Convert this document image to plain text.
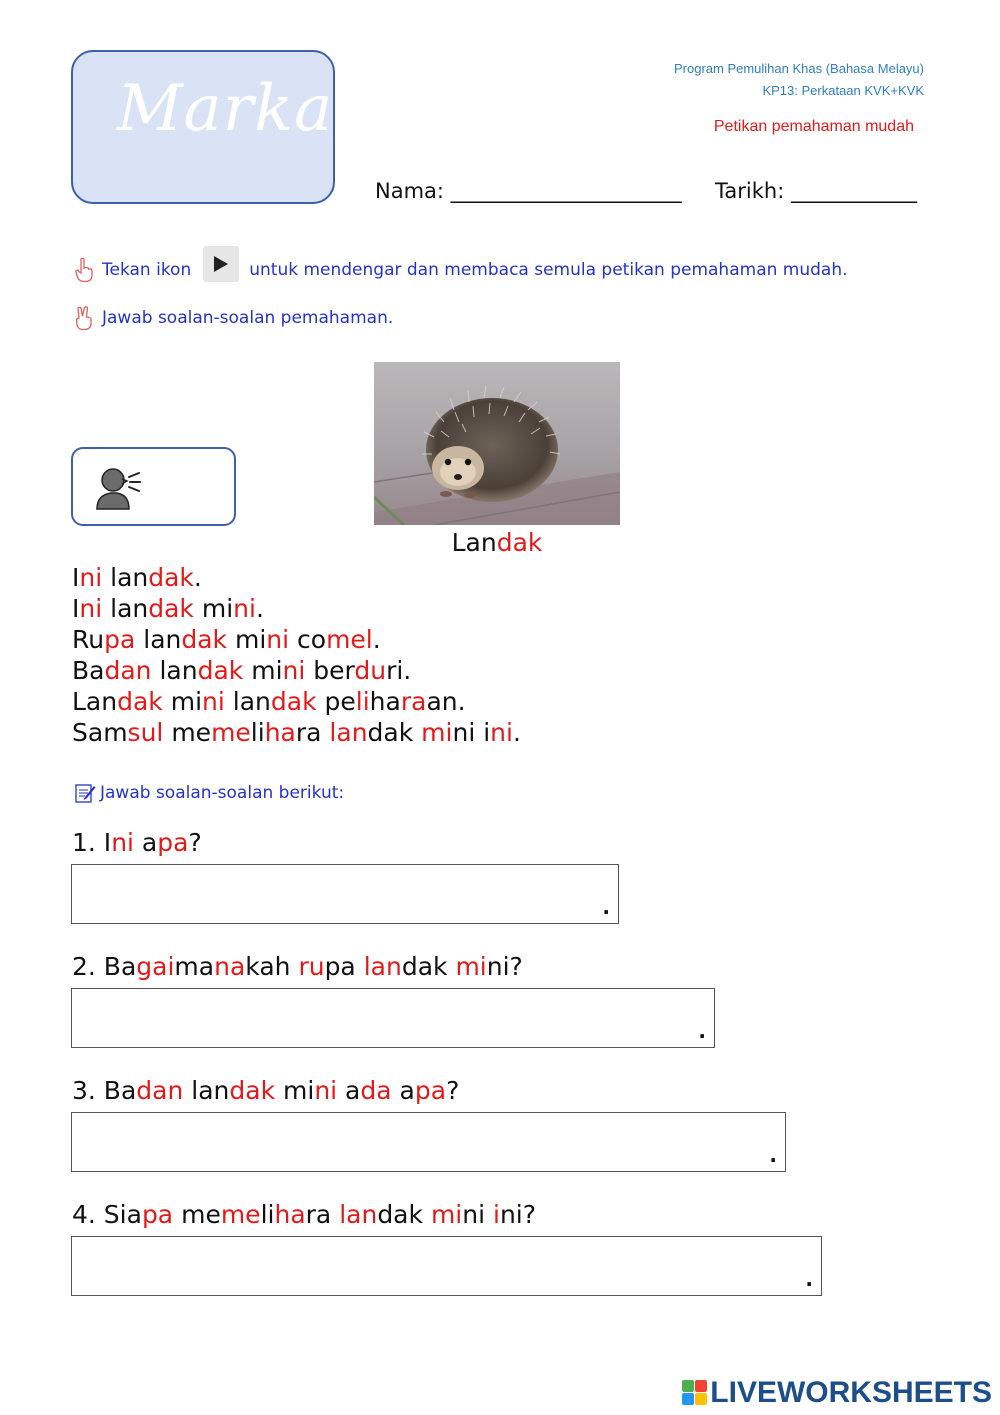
Markah
Program Pemulihan Khas (Bahasa Melayu)
KP13: Perkataan KVK+KVK
Petikan pemahaman mudah
Nama: ______________________ Tarikh: ____________
Tekan ikon	untuk mendengar dan membaca semula petikan pemahaman mudah.
Jawab soalan-soalan pemahaman.
Landak
Ini landak.
Ini landak mini.
Rupa landak mini comel.
Badan landak mini berduri.
Landak mini landak peliharaan.
Samsul memelihara landak mini ini.
Jawab soalan-soalan berikut:
1. Ini apa?
.
2. Bagaimanakah rupa landak mini?
.
3. Badan landak mini ada apa?
.
4. Siapa memelihara landak mini ini?
.
LIVEWORKSHEETS
